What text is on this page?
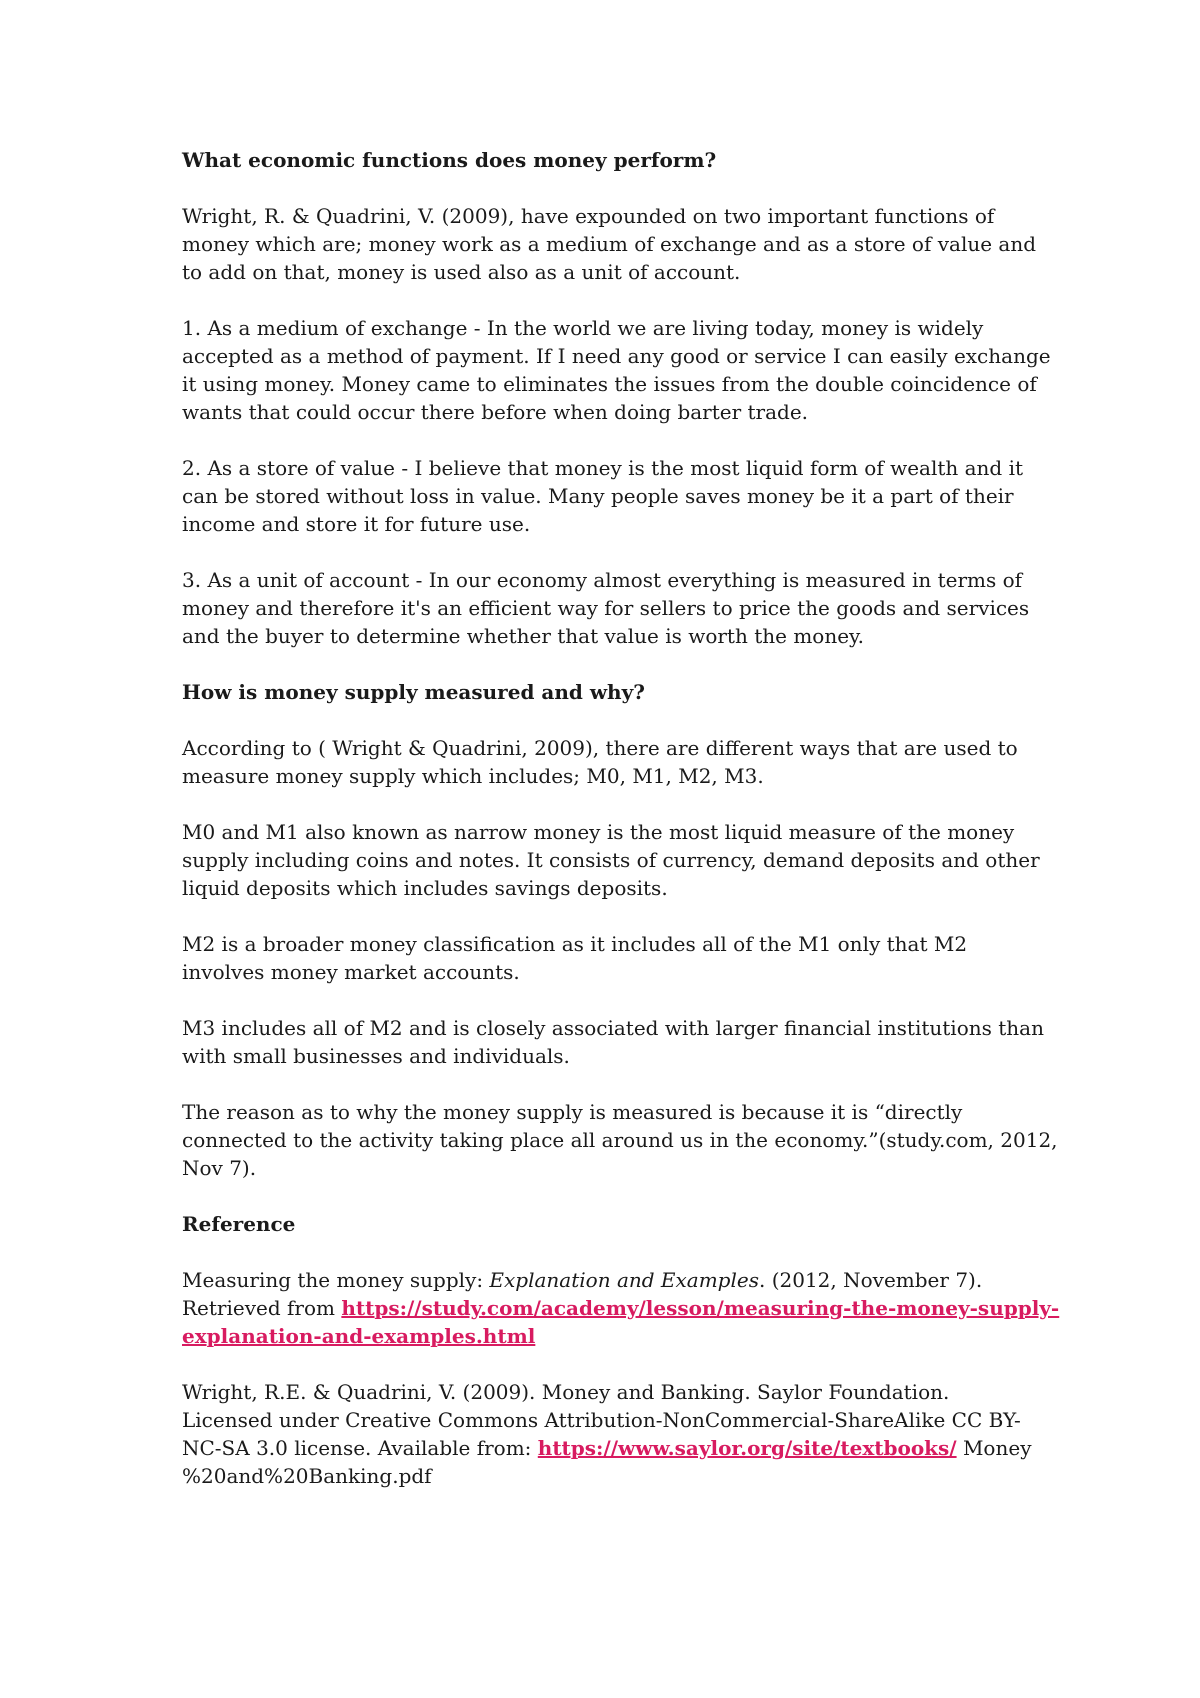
What economic functions does money perform?
Wright, R. & Quadrini, V. (2009), have expounded on two important functions of
money which are; money work as a medium of exchange and as a store of value and
to add on that, money is used also as a unit of account.
1. As a medium of exchange - In the world we are living today, money is widely
accepted as a method of payment. If I need any good or service I can easily exchange
it using money. Money came to eliminates the issues from the double coincidence of
wants that could occur there before when doing barter trade.
2. As a store of value - I believe that money is the most liquid form of wealth and it
can be stored without loss in value. Many people saves money be it a part of their
income and store it for future use.
3. As a unit of account - In our economy almost everything is measured in terms of
money and therefore it's an efficient way for sellers to price the goods and services
and the buyer to determine whether that value is worth the money.
How is money supply measured and why?
According to ( Wright & Quadrini, 2009), there are different ways that are used to
measure money supply which includes; M0, M1, M2, M3.
M0 and M1 also known as narrow money is the most liquid measure of the money
supply including coins and notes. It consists of currency, demand deposits and other
liquid deposits which includes savings deposits.
M2 is a broader money classification as it includes all of the M1 only that M2
involves money market accounts.
M3 includes all of M2 and is closely associated with larger financial institutions than
with small businesses and individuals.
The reason as to why the money supply is measured is because it is “directly
connected to the activity taking place all around us in the economy.”(study.com, 2012,
Nov 7).
Reference
Measuring the money supply: Explanation and Examples. (2012, November 7).
Retrieved from https://study.com/academy/lesson/measuring-the-money-supply-
explanation-and-examples.html
Wright, R.E. & Quadrini, V. (2009). Money and Banking. Saylor Foundation.
Licensed under Creative Commons Attribution-NonCommercial-ShareAlike CC BY-
NC-SA 3.0 license. Available from: https://www.saylor.org/site/textbooks/ Money
%20and%20Banking.pdf
